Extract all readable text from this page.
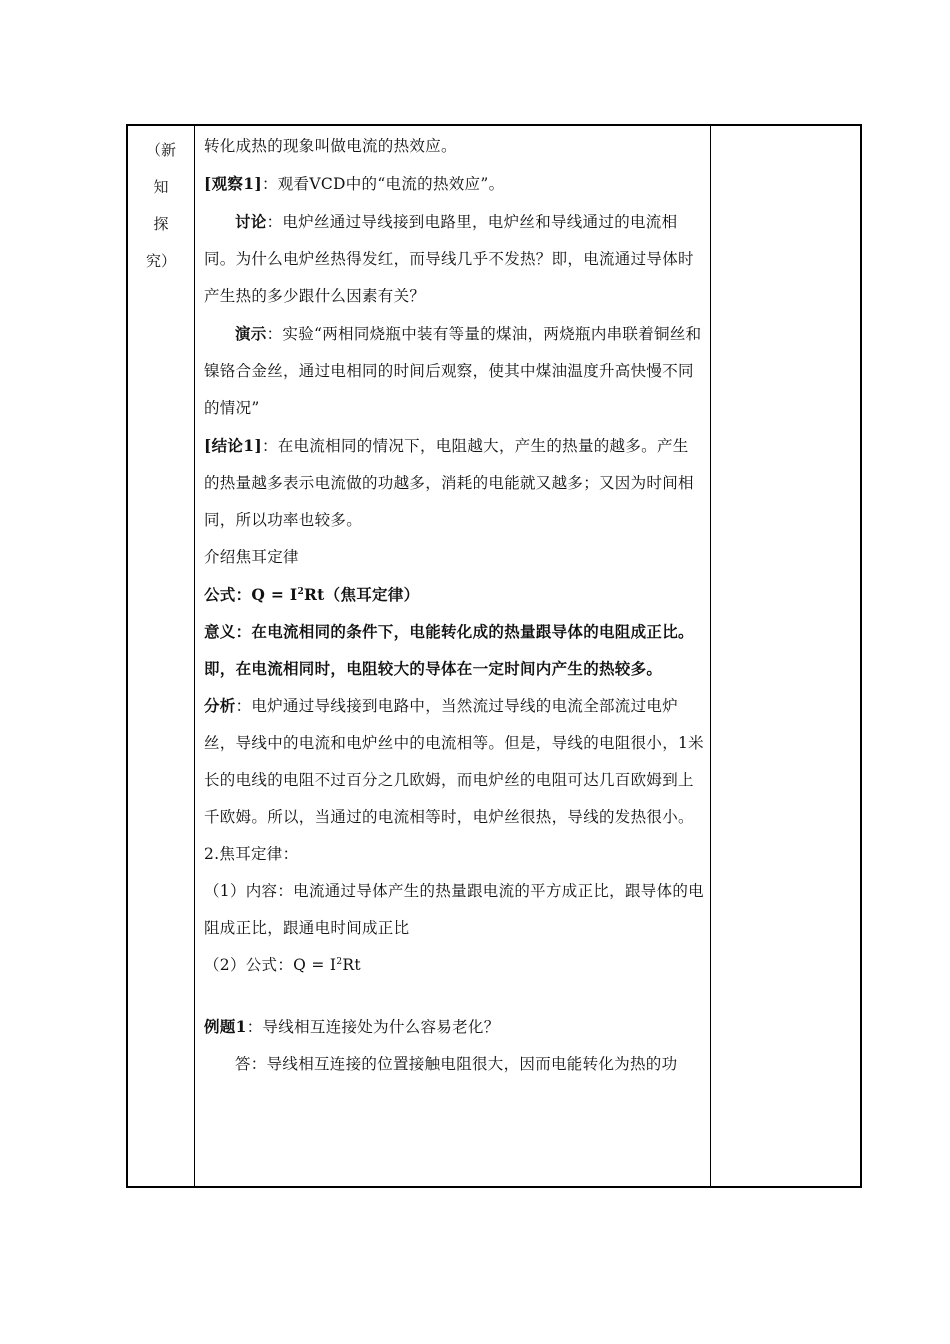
（新
知
探
究）

转化成热的现象叫做电流的热效应。

[观察1]：观看VCD中的“电流的热效应”。

讨论：电炉丝通过导线接到电路里，电炉丝和导线通过的电流相同。为什么电炉丝热得发红，而导线几乎不发热？即，电流通过导体时产生热的多少跟什么因素有关？

演示：实验“两相同烧瓶中装有等量的煤油，两烧瓶内串联着铜丝和镍铬合金丝，通过电相同的时间后观察，使其中煤油温度升高快慢不同的情况”

[结论1]：在电流相同的情况下，电阻越大，产生的热量的越多。产生的热量越多表示电流做的功越多，消耗的电能就又越多；又因为时间相同，所以功率也较多。

介绍焦耳定律

公式：$Q = I^2Rt$（焦耳定律）

意义：在电流相同的条件下，电能转化成的热量跟导体的电阻成正比。即，在电流相同时，电阻较大的导体在一定时间内产生的热较多。

分析：电炉通过导线接到电路中，当然流过导线的电流全部流过电炉丝，导线中的电流和电炉丝中的电流相等。但是，导线的电阻很小，1米长的电线的电阻不过百分之几欧姆，而电炉丝的电阻可达几百欧姆到上千欧姆。所以，当通过的电流相等时，电炉丝很热，导线的发热很小。

2.焦耳定律：

（1）内容：电流通过导体产生的热量跟电流的平方成正比，跟导体的电阻成正比，跟通电时间成正比

（2）公式：$Q = I^2Rt$

例题1：导线相互连接处为什么容易老化？

答：导线相互连接的位置接触电阻很大，因而电能转化为热的功
